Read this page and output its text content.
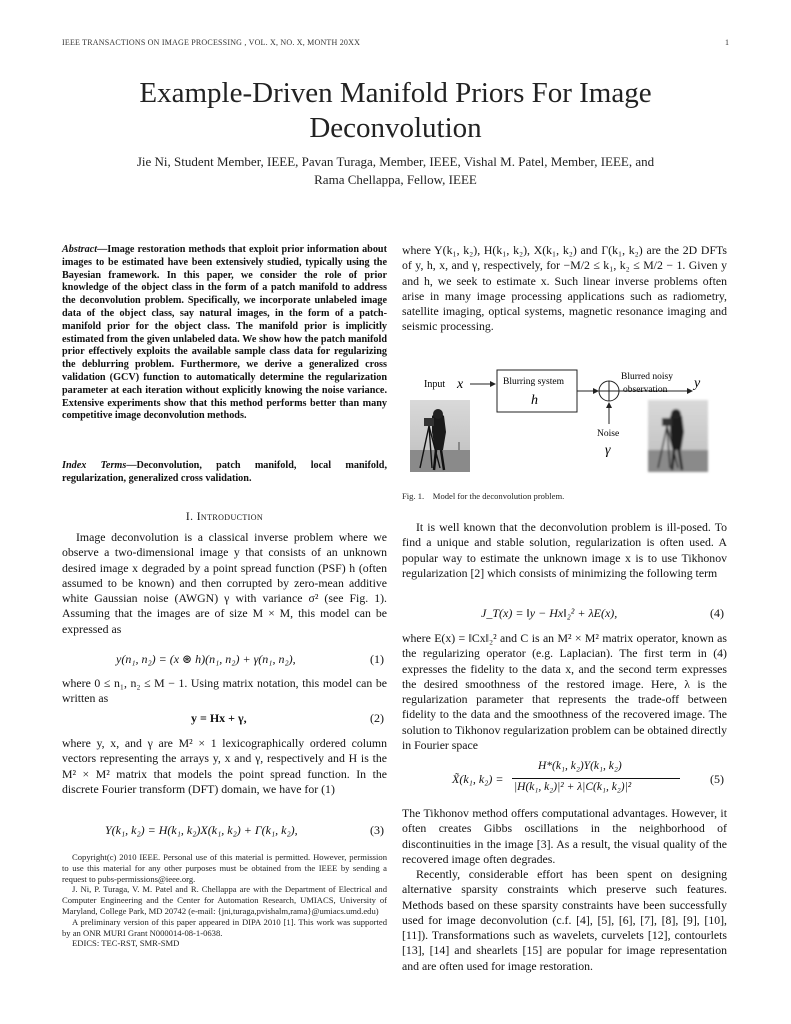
IEEE TRANSACTIONS ON IMAGE PROCESSING , VOL. X, NO. X, MONTH 20XX	1
Example-Driven Manifold Priors For Image Deconvolution
Jie Ni, Student Member, IEEE, Pavan Turaga, Member, IEEE, Vishal M. Patel, Member, IEEE, and
Rama Chellappa, Fellow, IEEE
Abstract—Image restoration methods that exploit prior information about images to be estimated have been extensively studied, typically using the Bayesian framework. In this paper, we consider the role of prior knowledge of the object class in the form of a patch manifold to address the deconvolution problem. Specifically, we incorporate unlabeled image data of the object class, say natural images, in the form of a patch-manifold prior for the object class. The manifold prior is implicitly estimated from the given unlabeled data. We show how the patch manifold prior effectively exploits the available sample class data for regularizing the deblurring problem. Furthermore, we derive a generalized cross validation (GCV) function to automatically determine the regularization parameter at each iteration without explicitly knowing the noise variance. Extensive experiments show that this method performs better than many competitive image deconvolution methods.
Index Terms—Deconvolution, patch manifold, local manifold, regularization, generalized cross validation.
I. Introduction
Image deconvolution is a classical inverse problem where we observe a two-dimensional image y that consists of an unknown desired image x degraded by a point spread function (PSF) h (often assumed to be known) and then corrupted by zero-mean additive white Gaussian noise (AWGN) γ with variance σ² (see Fig. 1). Assuming that the images are of size M × M, this model can be expressed as
y(n₁, n₂) = (x ⊛ h)(n₁, n₂) + γ(n₁, n₂),	(1)
where 0 ≤ n₁, n₂ ≤ M − 1. Using matrix notation, this model can be written as
y = Hx + γ,	(2)
where y, x, and γ are M² × 1 lexicographically ordered column vectors representing the arrays y, x and γ, respectively and H is the M² × M² matrix that models the point spread function. In the discrete Fourier transform (DFT) domain, we have for (1)
Y(k₁, k₂) = H(k₁, k₂)X(k₁, k₂) + Γ(k₁, k₂),	(3)

Copyright(c) 2010 IEEE. Personal use of this material is permitted. However, permission to use this material for any other purposes must be obtained from the IEEE by sending a request to pubs-permissions@ieee.org.

J. Ni, P. Turaga, V. M. Patel and R. Chellappa are with the Department of Electrical and Computer Engineering and the Center for Automation Research, UMIACS, University of Maryland, College Park, MD 20742 (e-mail: {jni,turaga,pvishalm,rama}@umiacs.umd.edu)

A preliminary version of this paper appeared in DIPA 2010 [1]. This work was supported by an ONR MURI Grant N000014-08-1-0638.

EDICS: TEC-RST, SMR-SMD

where Y(k₁, k₂), H(k₁, k₂), X(k₁, k₂) and Γ(k₁, k₂) are the 2D DFTs of y, h, x, and γ, respectively, for −M/2 ≤ k₁, k₂ ≤ M/2 − 1. Given y and h, we seek to estimate x. Such linear inverse problems often arise in many image processing applications such as radiometry, satellite imaging, optical systems, magnetic resonance imaging and seismic processing.
Input x	Blurring system
h
Blurred noisy
observation y
Noise
γ
Fig. 1.    Model for the deconvolution problem.
It is well known that the deconvolution problem is ill-posed. To find a unique and stable solution, regularization is often used. A popular way to estimate the unknown image x is to use Tikhonov regularization [2] which consists of minimizing the following term
J_T(x) = ‖y − Hx‖₂² + λE(x),	(4)
where E(x) = ‖Cx‖₂² and C is an M² × M² matrix operator, known as the regularizing operator (e.g. Laplacian). The first term in (4) expresses the fidelity to the data x, and the second term expresses the desired smoothness of the restored image. Here, λ is the regularization parameter that represents the trade-off between fidelity to the data and the smoothness of the recovered image. The solution to Tikhonov regularization problem can be obtained directly in Fourier space
X̃(k₁, k₂) =
H*(k₁, k₂)Y(k₁, k₂)
|H(k₁, k₂)|² + λ|C(k₁, k₂)|²
(5)
The Tikhonov method offers computational advantages. However, it often creates Gibbs oscillations in the neighborhood of discontinuities in the image [3]. As a result, the visual quality of the recovered image often degrades.
Recently, considerable effort has been spent on designing alternative sparsity constraints which preserve such features. Methods based on these sparsity constraints have been successfully used for image deconvolution (c.f. [4], [5], [6], [7], [8], [9], [10], [11]). Transformations such as wavelets, curvelets [12], contourlets [13], [14] and shearlets [15] are popular for image representation and are often used for image restoration.
